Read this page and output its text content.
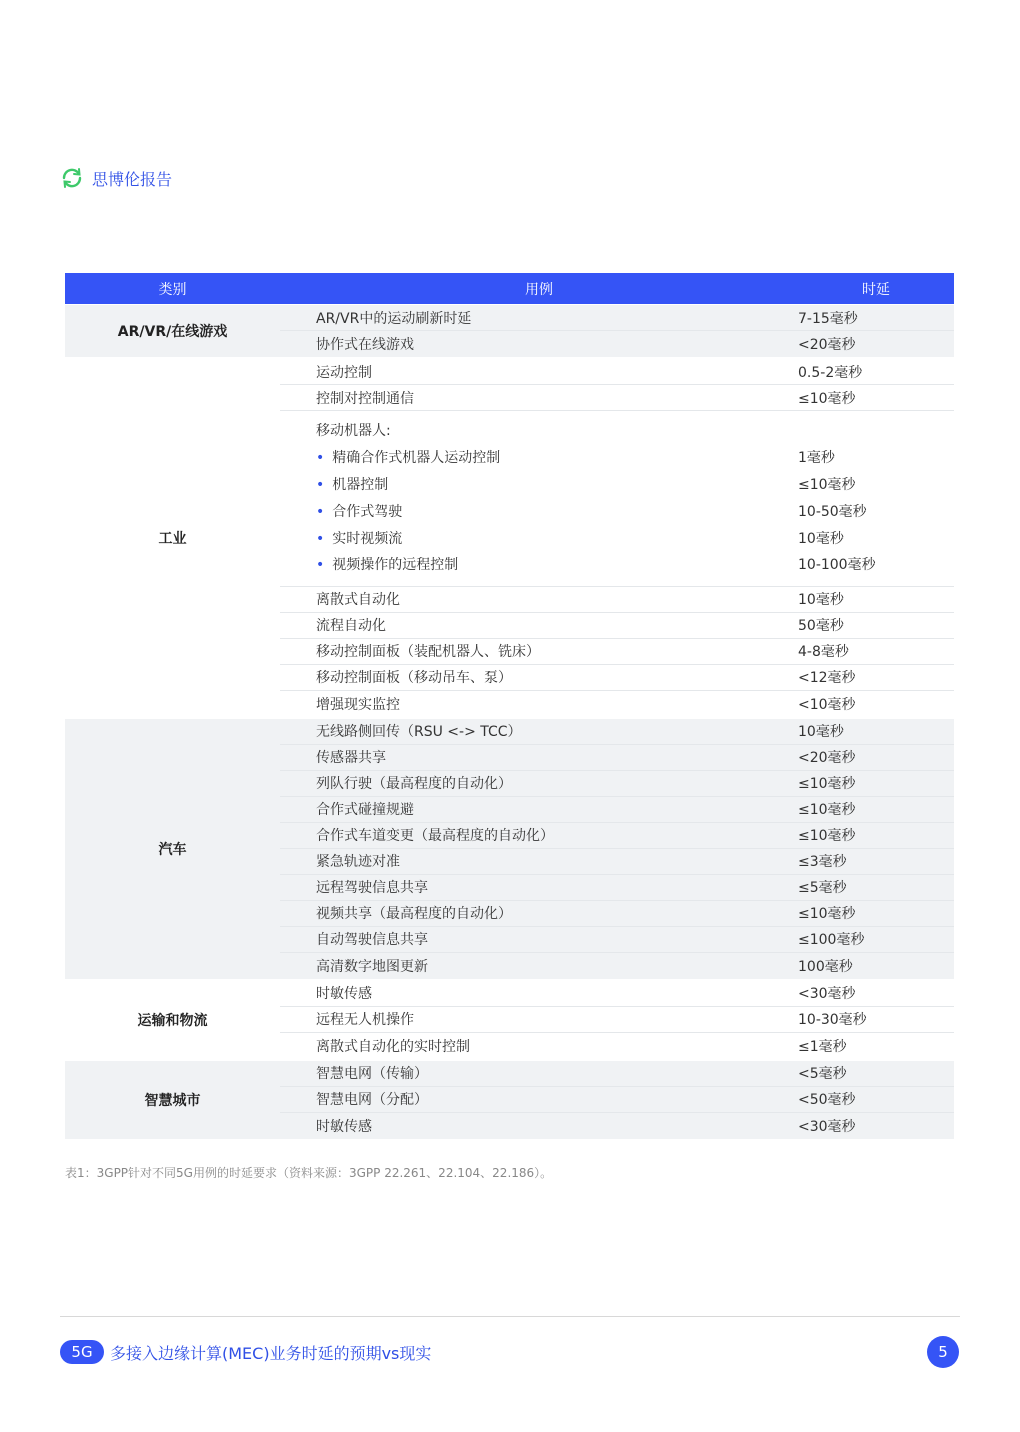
思博伦报告
类别	用例	时延
AR/VR/在线游戏
AR/VR中的运动刷新时延	7-15毫秒
协作式在线游戏	<20毫秒
工业
运动控制	0.5-2毫秒
控制对控制通信	≤10毫秒
移动机器人:
• 精确合作式机器人运动控制	1毫秒
• 机器控制	≤10毫秒
• 合作式驾驶	10-50毫秒
• 实时视频流	10毫秒
• 视频操作的远程控制	10-100毫秒
离散式自动化	10毫秒
流程自动化	50毫秒
移动控制面板（装配机器人、铣床）	4-8毫秒
移动控制面板（移动吊车、泵）	<12毫秒
增强现实监控	<10毫秒
汽车
无线路侧回传（RSU <-> TCC）	10毫秒
传感器共享	<20毫秒
列队行驶（最高程度的自动化）	≤10毫秒
合作式碰撞规避	≤10毫秒
合作式车道变更（最高程度的自动化）	≤10毫秒
紧急轨迹对准	≤3毫秒
远程驾驶信息共享	≤5毫秒
视频共享（最高程度的自动化）	≤10毫秒
自动驾驶信息共享	≤100毫秒
高清数字地图更新	100毫秒
运输和物流
时敏传感	<30毫秒
远程无人机操作	10-30毫秒
离散式自动化的实时控制	≤1毫秒
智慧城市
智慧电网（传输）	<5毫秒
智慧电网（分配）	<50毫秒
时敏传感	<30毫秒
表1：3GPP针对不同5G用例的时延要求（资料来源：3GPP 22.261、22.104、22.186）。
5G	多接入边缘计算(MEC)业务时延的预期vs现实	5
